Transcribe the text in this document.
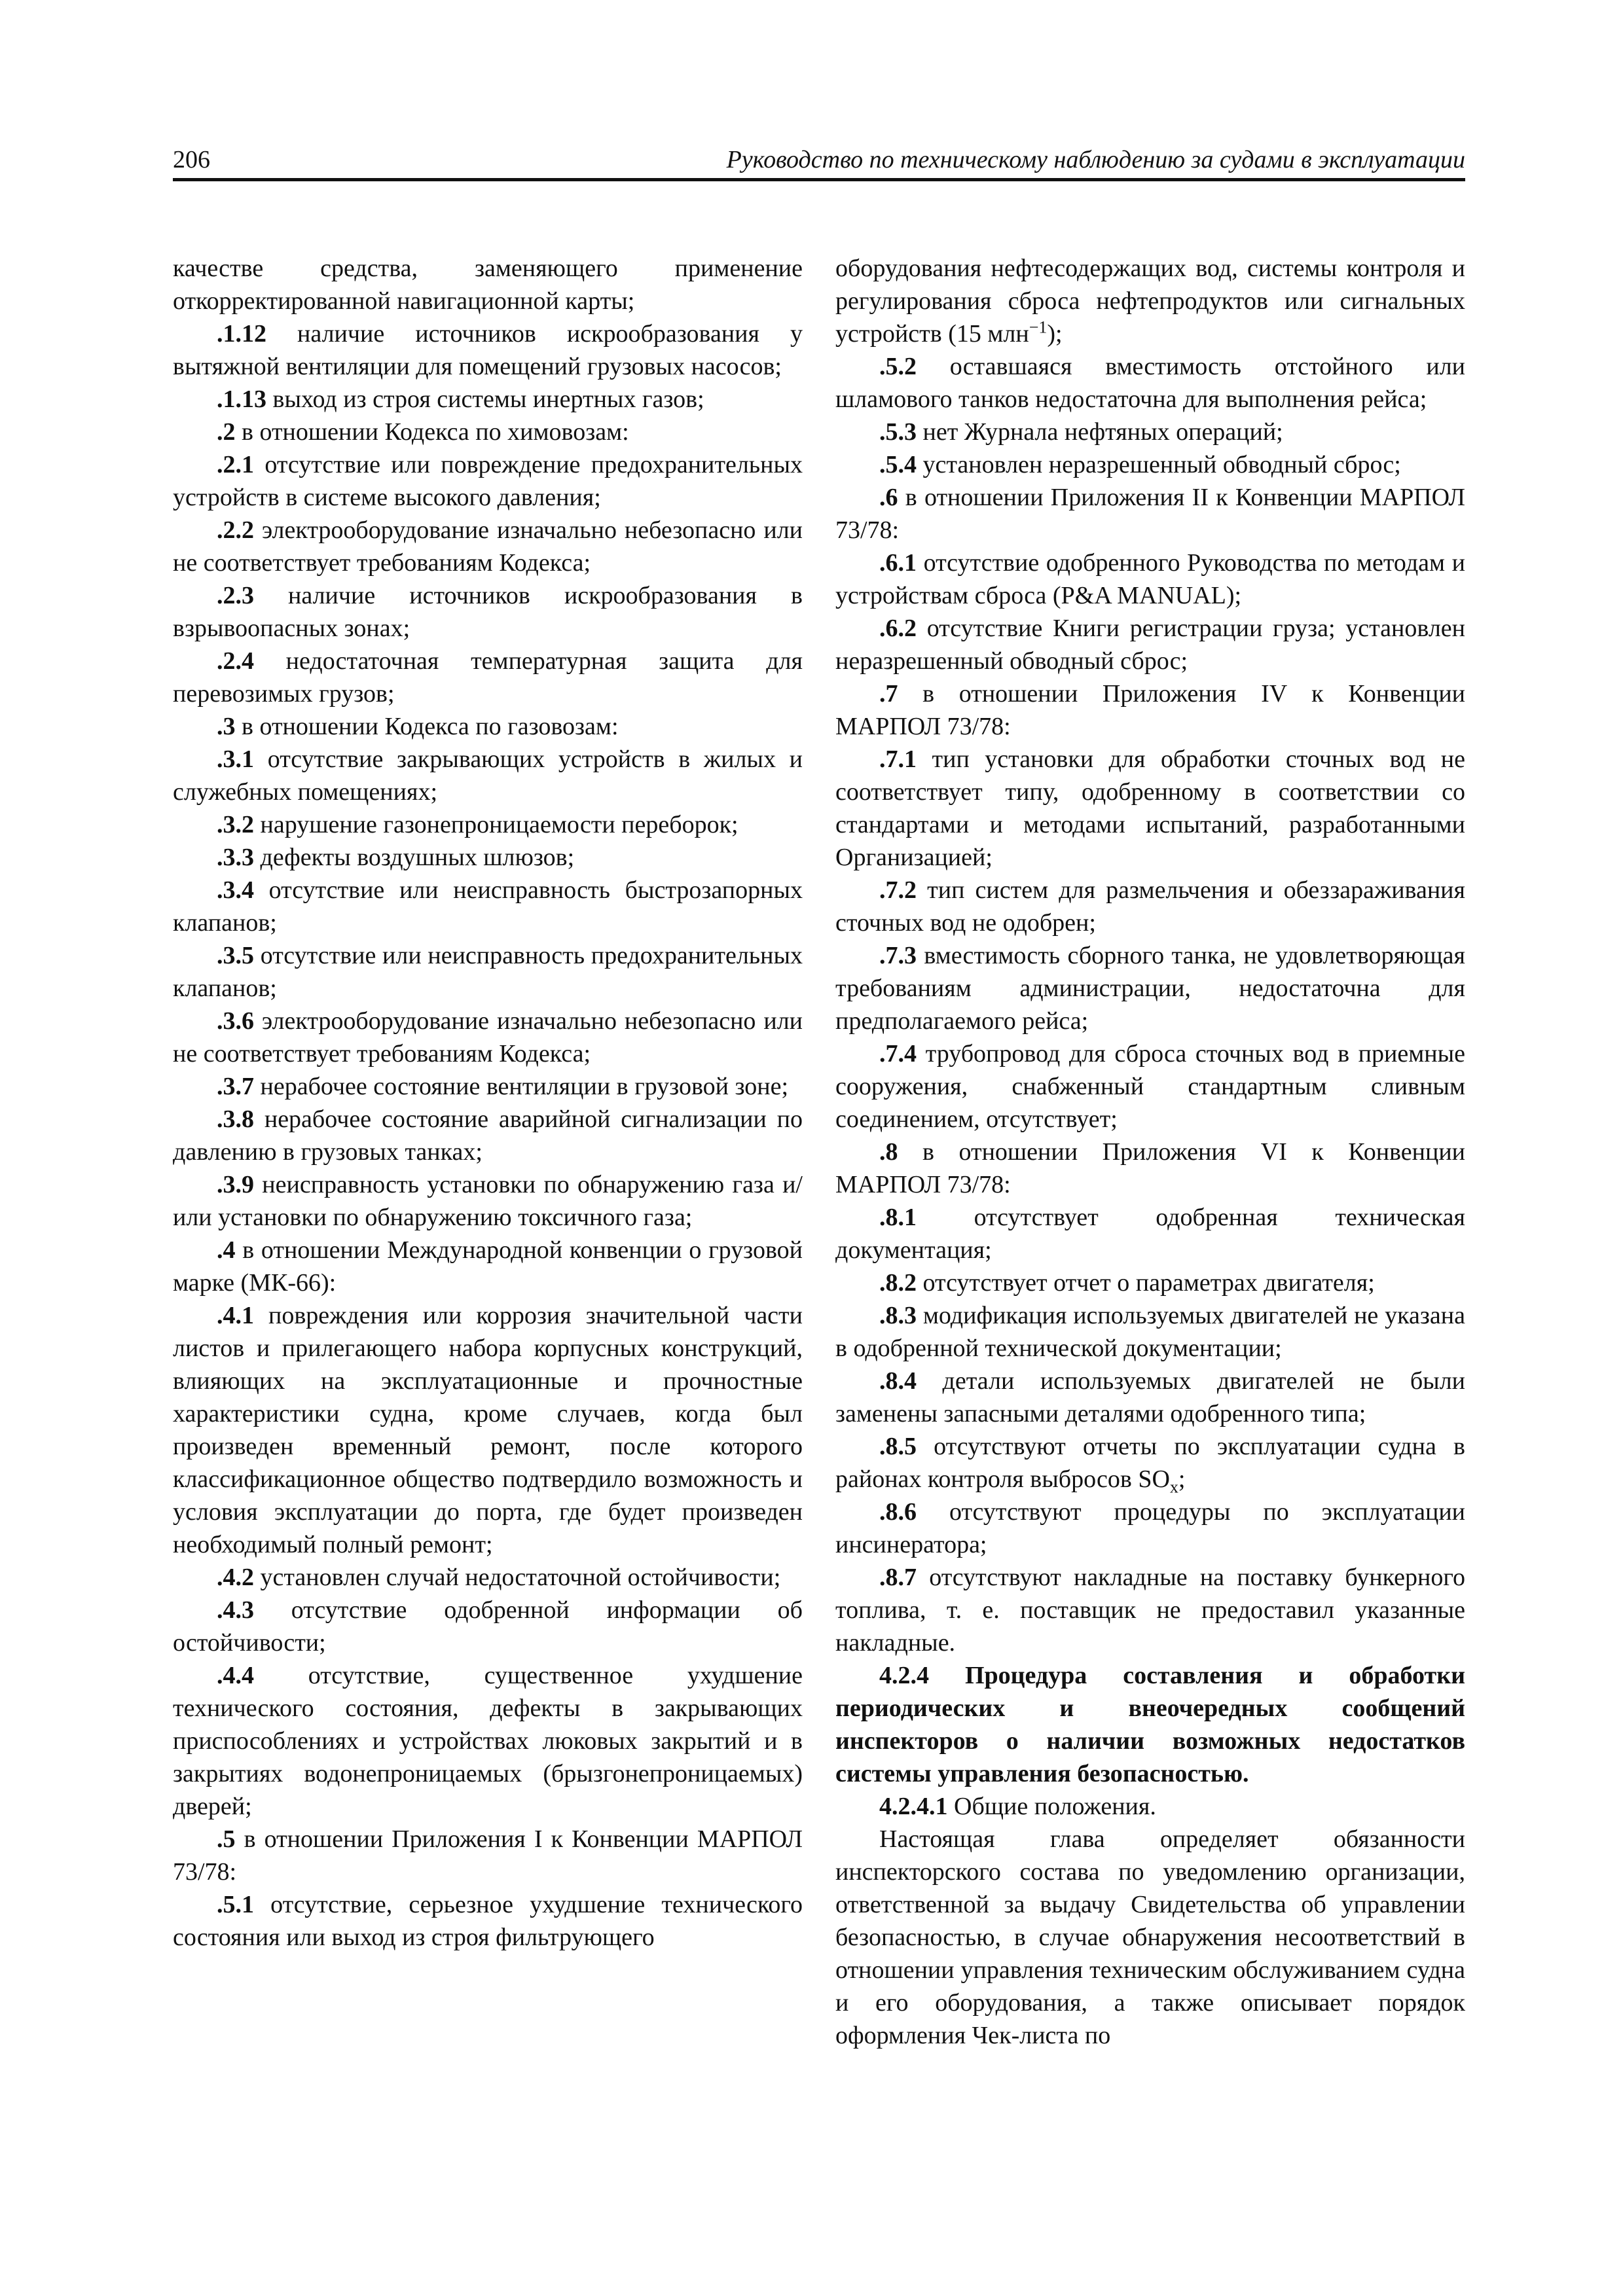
206	Руководство по техническому наблюдению за судами в эксплуатации

качестве средства, заменяющего применение откорректированной навигационной карты;

.1.12 наличие источников искрообразования у вытяжной вентиляции для помещений грузовых насосов;

.1.13 выход из строя системы инертных газов;

.2 в отношении Кодекса по химовозам:

.2.1 отсутствие или повреждение предохранительных устройств в системе высокого давления;

.2.2 электрооборудование изначально небезопасно или не соответствует требованиям Кодекса;

.2.3 наличие источников искрообразования в взрывоопасных зонах;

.2.4 недостаточная температурная защита для перевозимых грузов;

.3 в отношении Кодекса по газовозам:

.3.1 отсутствие закрывающих устройств в жилых и служебных помещениях;

.3.2 нарушение газонепроницаемости переборок;

.3.3 дефекты воздушных шлюзов;

.3.4 отсутствие или неисправность быстрозапорных клапанов;

.3.5 отсутствие или неисправность предохранительных клапанов;

.3.6 электрооборудование изначально небезопасно или не соответствует требованиям Кодекса;

.3.7 нерабочее состояние вентиляции в грузовой зоне;

.3.8 нерабочее состояние аварийной сигнализации по давлению в грузовых танках;

.3.9 неисправность установки по обнаружению газа и/или установки по обнаружению токсичного газа;

.4 в отношении Международной конвенции о грузовой марке (МК-66):

.4.1 повреждения или коррозия значительной части листов и прилегающего набора корпусных конструкций, влияющих на эксплуатационные и прочностные характеристики судна, кроме случаев, когда был произведен временный ремонт, после которого классификационное общество подтвердило возможность и условия эксплуатации до порта, где будет произведен необходимый полный ремонт;

.4.2 установлен случай недостаточной остойчивости;

.4.3 отсутствие одобренной информации об остойчивости;

.4.4 отсутствие, существенное ухудшение технического состояния, дефекты в закрывающих приспособлениях и устройствах люковых закрытий и в закрытиях водонепроницаемых (брызгонепроницаемых) дверей;

.5 в отношении Приложения I к Конвенции МАРПОЛ 73/78:

.5.1 отсутствие, серьезное ухудшение технического состояния или выход из строя фильтрующего

оборудования нефтесодержащих вод, системы контроля и регулирования сброса нефтепродуктов или сигнальных устройств (15 млн$^{-1}$);

.5.2 оставшаяся вместимость отстойного или шламового танков недостаточна для выполнения рейса;

.5.3 нет Журнала нефтяных операций;

.5.4 установлен неразрешенный обводный сброс;

.6 в отношении Приложения II к Конвенции МАРПОЛ 73/78:

.6.1 отсутствие одобренного Руководства по методам и устройствам сброса (P&A MANUAL);

.6.2 отсутствие Книги регистрации груза; установлен неразрешенный обводный сброс;

.7 в отношении Приложения IV к Конвенции МАРПОЛ 73/78:

.7.1 тип установки для обработки сточных вод не соответствует типу, одобренному в соответствии со стандартами и методами испытаний, разработанными Организацией;

.7.2 тип систем для размельчения и обеззараживания сточных вод не одобрен;

.7.3 вместимость сборного танка, не удовлетворяющая требованиям администрации, недостаточна для предполагаемого рейса;

.7.4 трубопровод для сброса сточных вод в приемные сооружения, снабженный стандартным сливным соединением, отсутствует;

.8 в отношении Приложения VI к Конвенции МАРПОЛ 73/78:

.8.1 отсутствует одобренная техническая документация;

.8.2 отсутствует отчет о параметрах двигателя;

.8.3 модификация используемых двигателей не указана в одобренной технической документации;

.8.4 детали используемых двигателей не были заменены запасными деталями одобренного типа;

.8.5 отсутствуют отчеты по эксплуатации судна в районах контроля выбросов $SO_x$;

.8.6 отсутствуют процедуры по эксплуатации инсинератора;

.8.7 отсутствуют накладные на поставку бункерного топлива, т. е. поставщик не предоставил указанные накладные.

4.2.4 Процедура составления и обработки периодических и внеочередных сообщений инспекторов о наличии возможных недостатков системы управления безопасностью.

4.2.4.1 Общие положения.

Настоящая глава определяет обязанности инспекторского состава по уведомлению организации, ответственной за выдачу Свидетельства об управлении безопасностью, в случае обнаружения несоответствий в отношении управления техническим обслуживанием судна и его оборудования, а также описывает порядок оформления Чек-листа по
